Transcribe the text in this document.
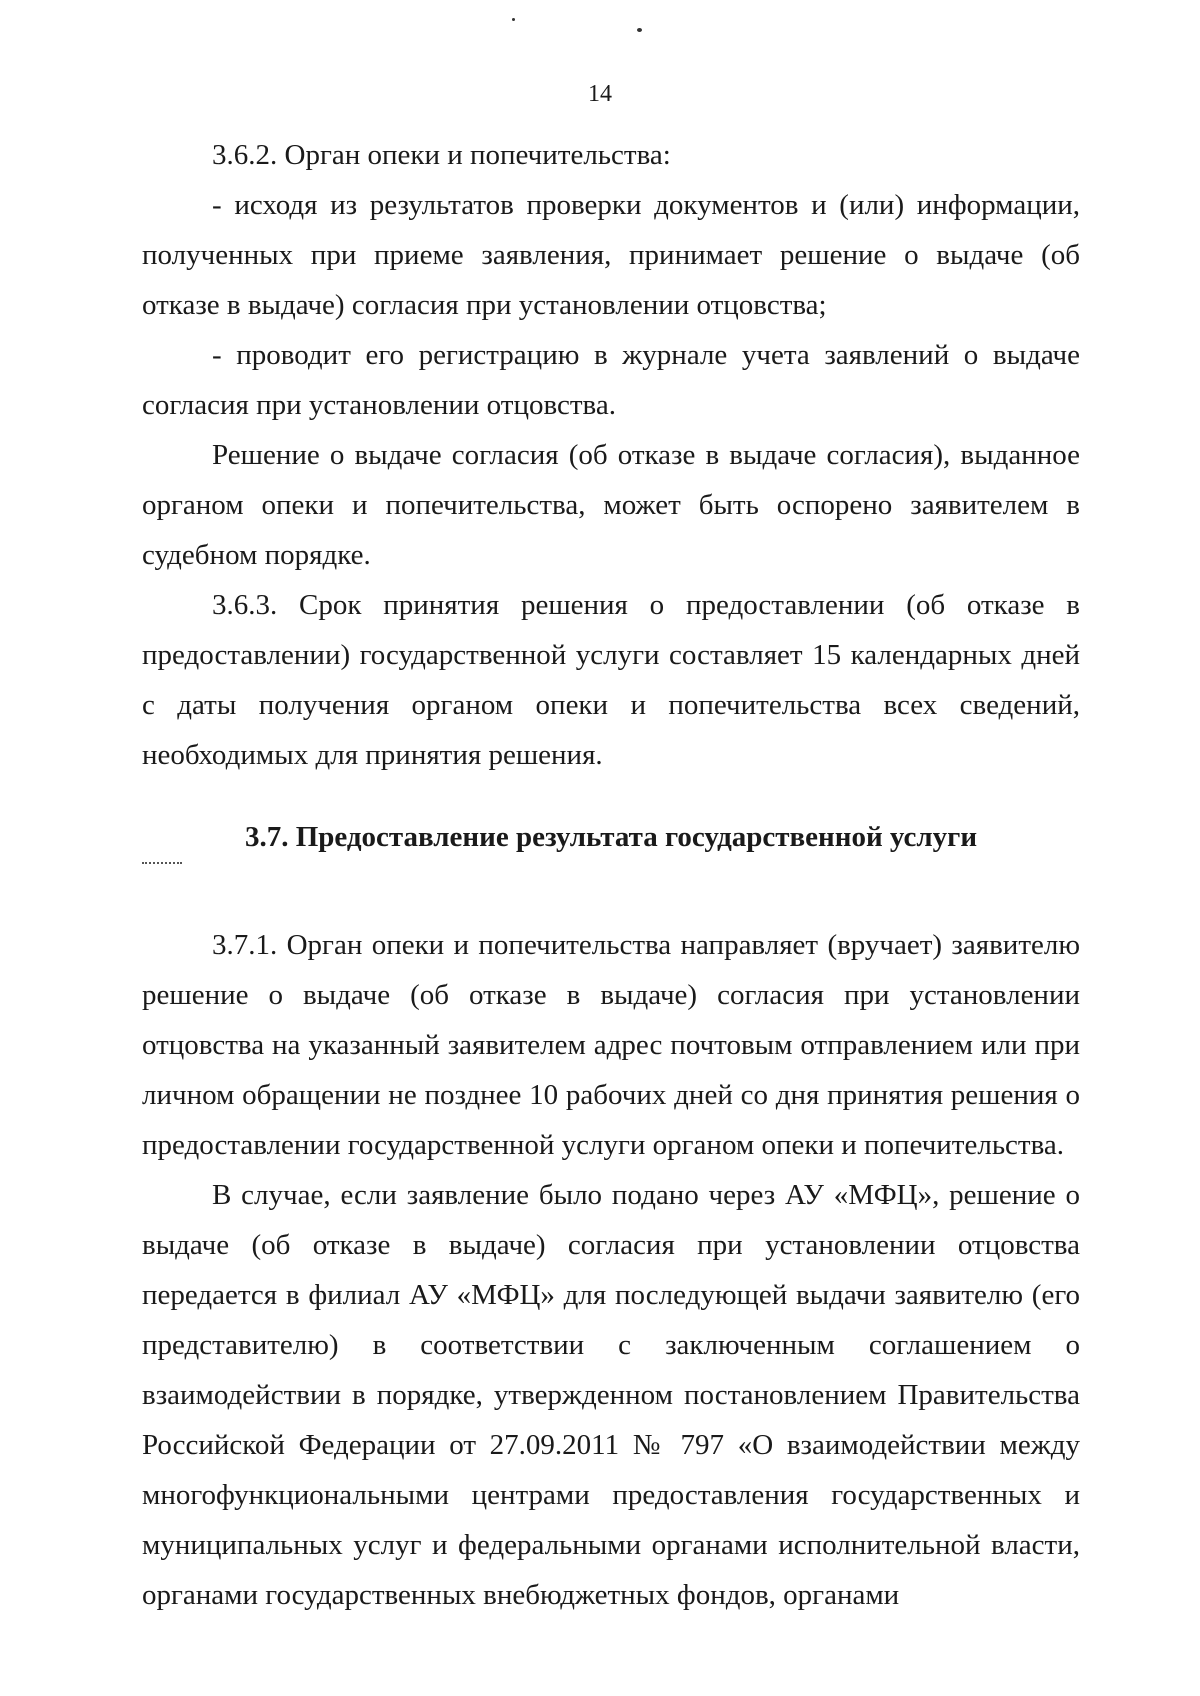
14

3.6.2. Орган опеки и попечительства:

- исходя из результатов проверки документов и (или) информации, полученных при приеме заявления, принимает решение о выдаче (об отказе в выдаче) согласия при установлении отцовства;

- проводит его регистрацию в журнале учета заявлений о выдаче согласия при установлении отцовства.

Решение о выдаче согласия (об отказе в выдаче согласия), выданное органом опеки и попечительства, может быть оспорено заявителем в судебном порядке.

3.6.3. Срок принятия решения о предоставлении (об отказе в предоставлении) государственной услуги составляет 15 календарных дней с даты получения органом опеки и попечительства всех сведений, необходимых для принятия решения.

3.7. Предоставление результата государственной услуги

3.7.1. Орган опеки и попечительства направляет (вручает) заявителю решение о выдаче (об отказе в выдаче) согласия при установлении отцовства на указанный заявителем адрес почтовым отправлением или при личном обращении не позднее 10 рабочих дней со дня принятия решения о предоставлении государственной услуги органом опеки и попечительства.

В случае, если заявление было подано через АУ «МФЦ», решение о выдаче (об отказе в выдаче) согласия при установлении отцовства передается в филиал АУ «МФЦ» для последующей выдачи заявителю (его представителю) в соответствии с заключенным соглашением о взаимодействии в порядке, утвержденном постановлением Правительства Российской Федерации от 27.09.2011 № 797 «О взаимодействии между многофункциональными центрами предоставления государственных и муниципальных услуг и федеральными органами исполнительной власти, органами государственных внебюджетных фондов, органами
